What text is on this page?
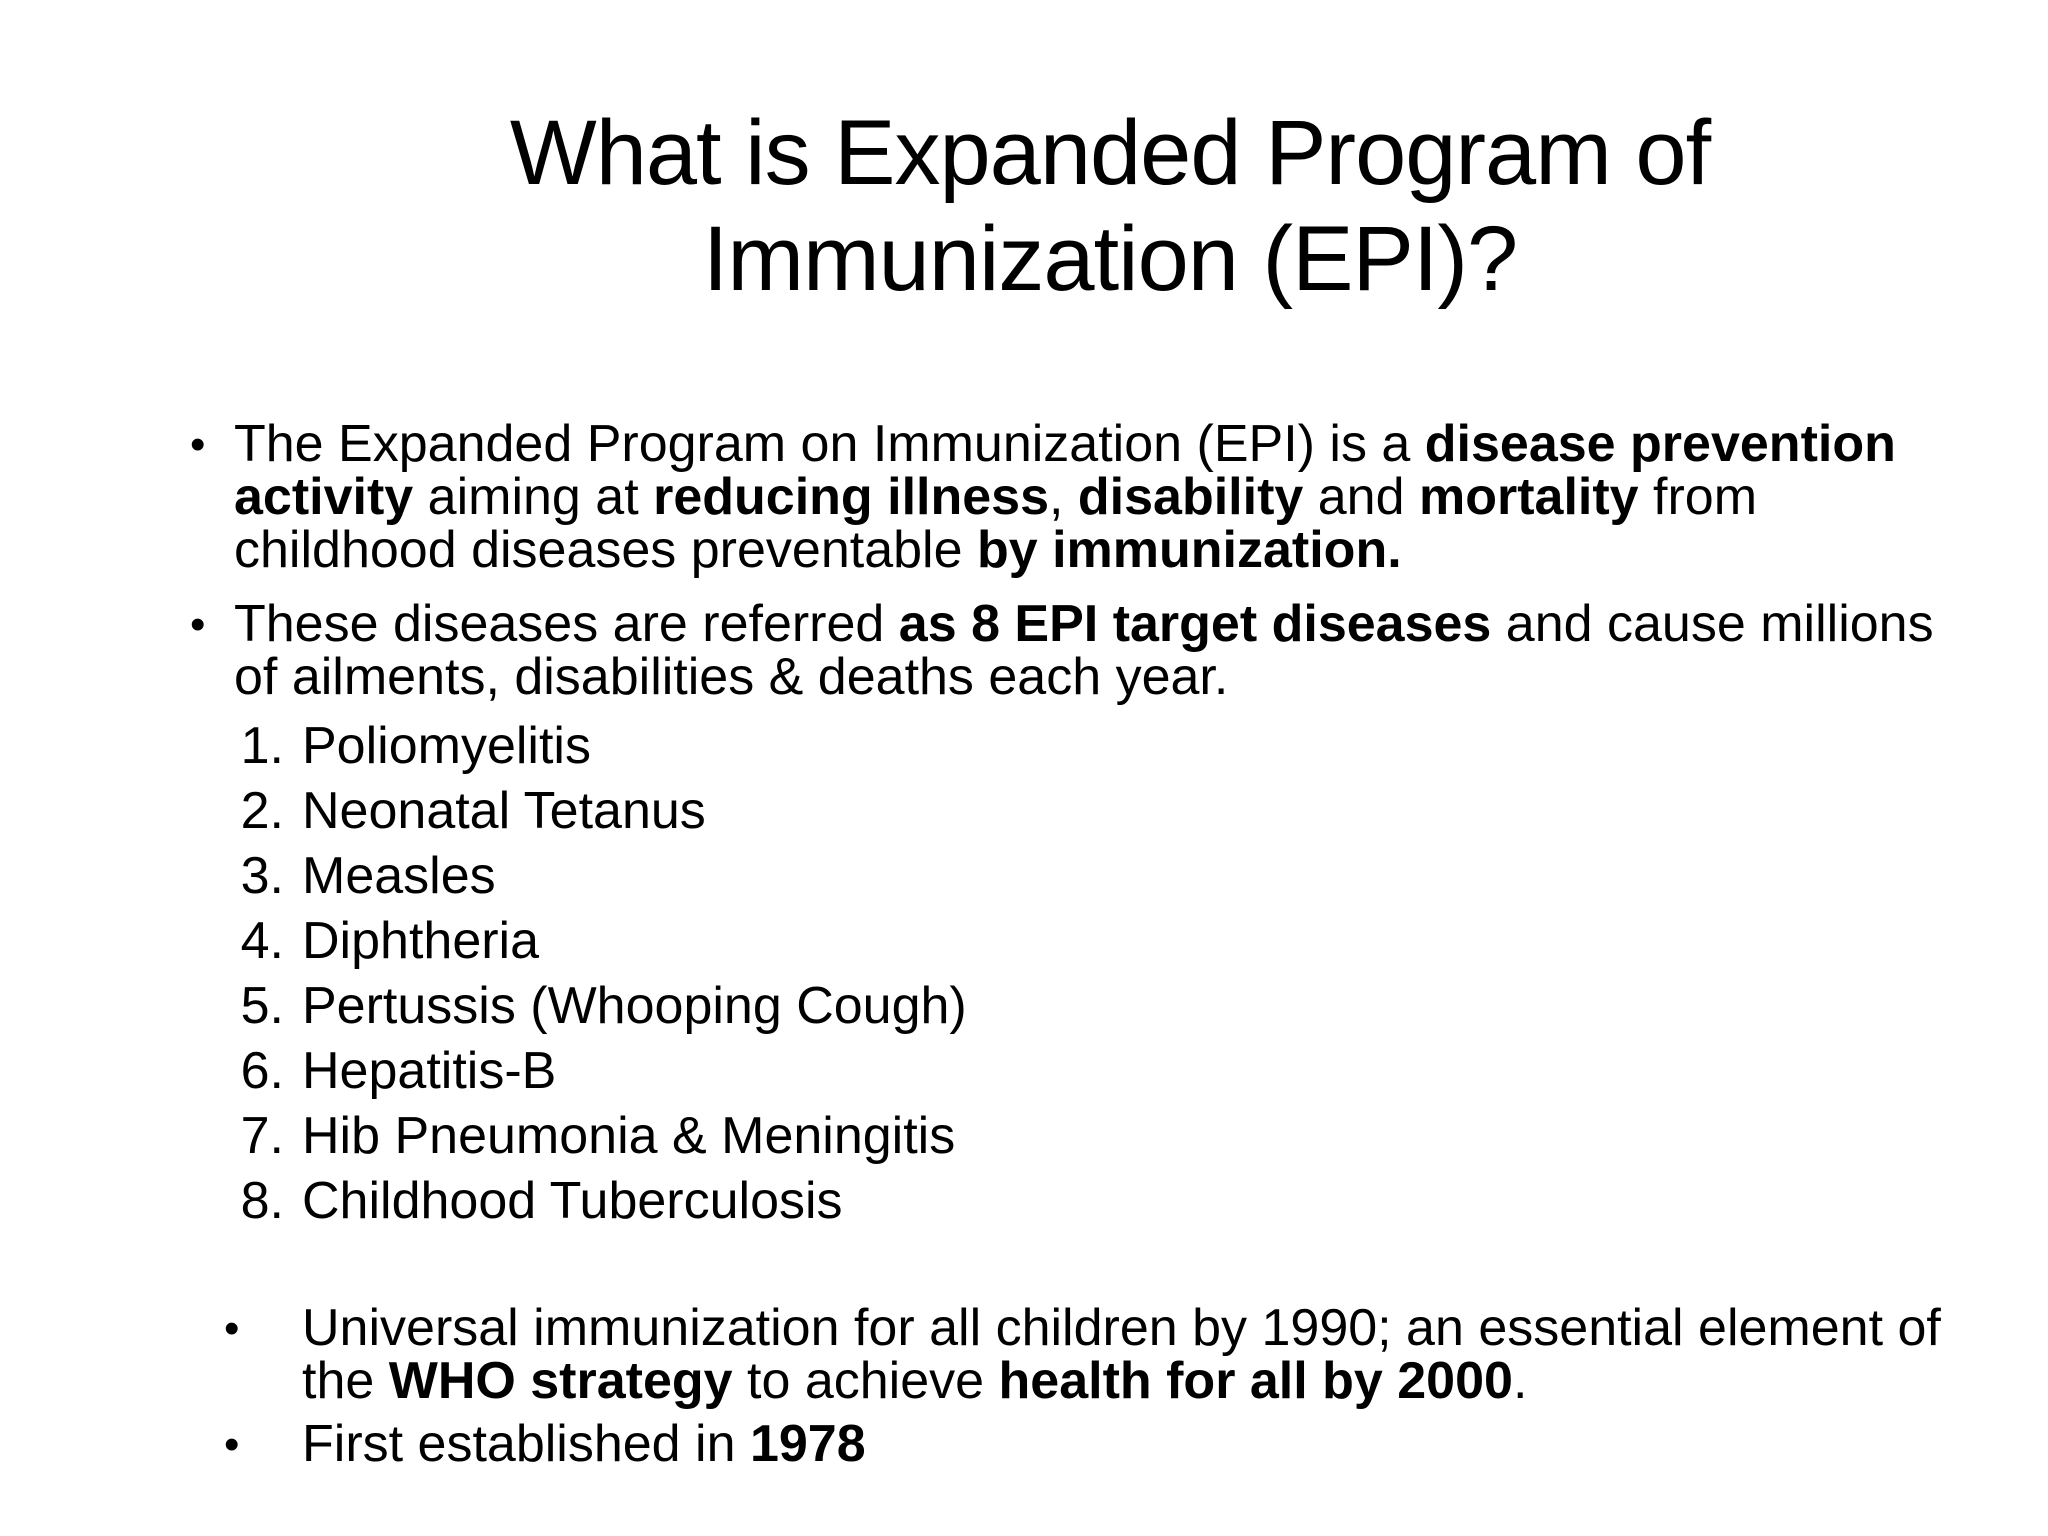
What is Expanded Program of
Immunization (EPI)?
• The Expanded Program on Immunization (EPI) is a disease prevention activity aiming at reducing illness, disability and mortality from childhood diseases preventable by immunization.
• These diseases are referred as 8 EPI target diseases and cause millions of ailments, disabilities & deaths each year.
1. Poliomyelitis
2. Neonatal Tetanus
3. Measles
4. Diphtheria
5. Pertussis (Whooping Cough)
6. Hepatitis-B
7. Hib Pneumonia & Meningitis
8. Childhood Tuberculosis
• Universal immunization for all children by 1990; an essential element of the WHO strategy to achieve health for all by 2000.
• First established in 1978
